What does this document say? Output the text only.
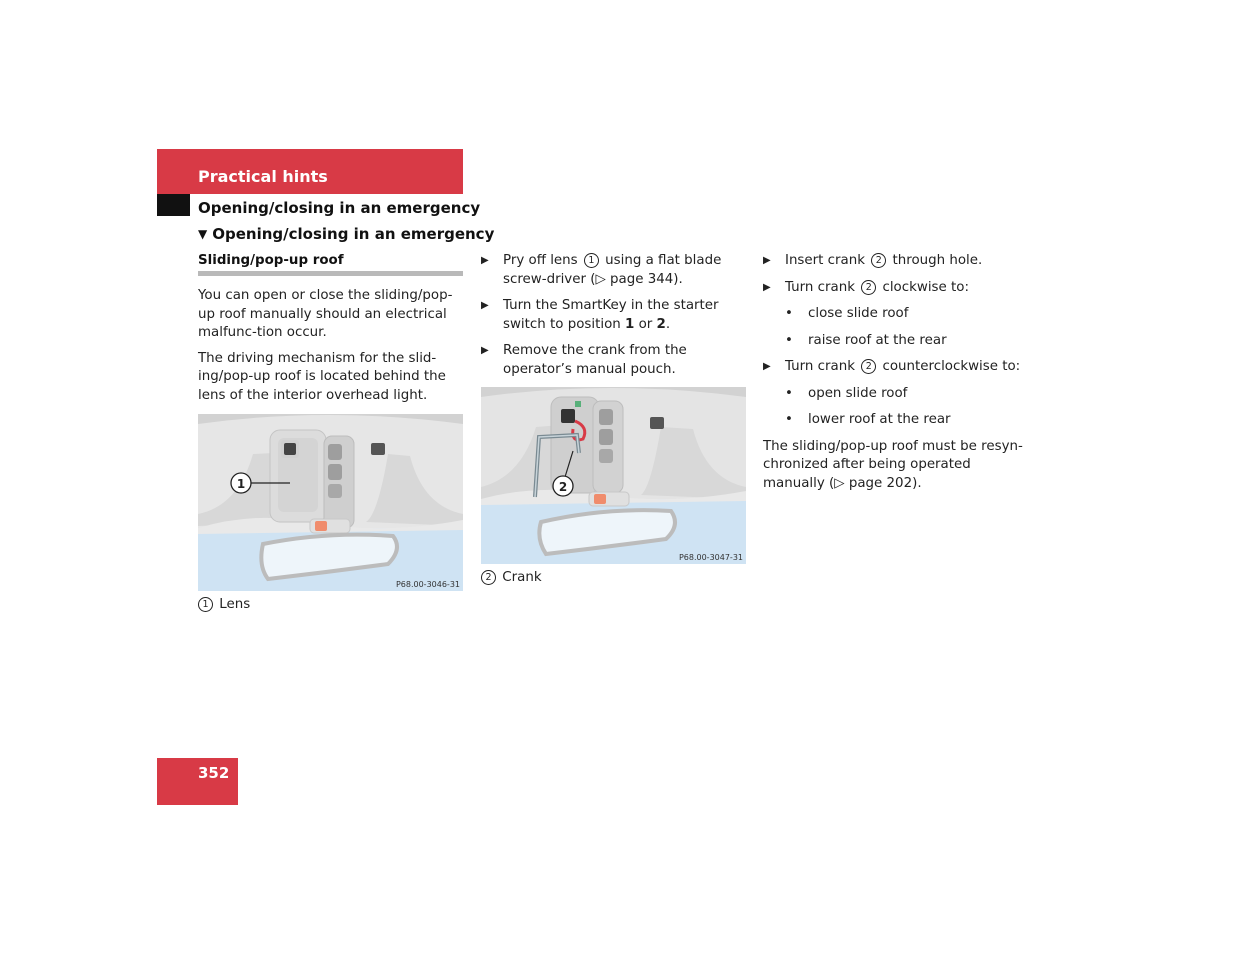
Practical hints
Opening/closing in an emergency
▼ Opening/closing in an emergency
Sliding/pop-up roof

You can open or close the sliding/pop-up roof manually should an electrical malfunc-tion occur.

The driving mechanism for the slid-ing/pop-up roof is located behind the lens of the interior overhead light.

1
P68.00-3046-31
1 Lens
▶ Pry off lens 1 using a flat blade screw-driver (▷ page 344).
▶ Turn the SmartKey in the starter switch to position 1 or 2.
▶ Remove the crank from the operator’s manual pouch.
2
P68.00-3047-31
2 Crank
▶ Insert crank 2 through hole.
▶ Turn crank 2 clockwise to:
• close slide roof
• raise roof at the rear
▶ Turn crank 2 counterclockwise to:
• open slide roof
• lower roof at the rear

The sliding/pop-up roof must be resyn-chronized after being operated manually (▷ page 202).

352
